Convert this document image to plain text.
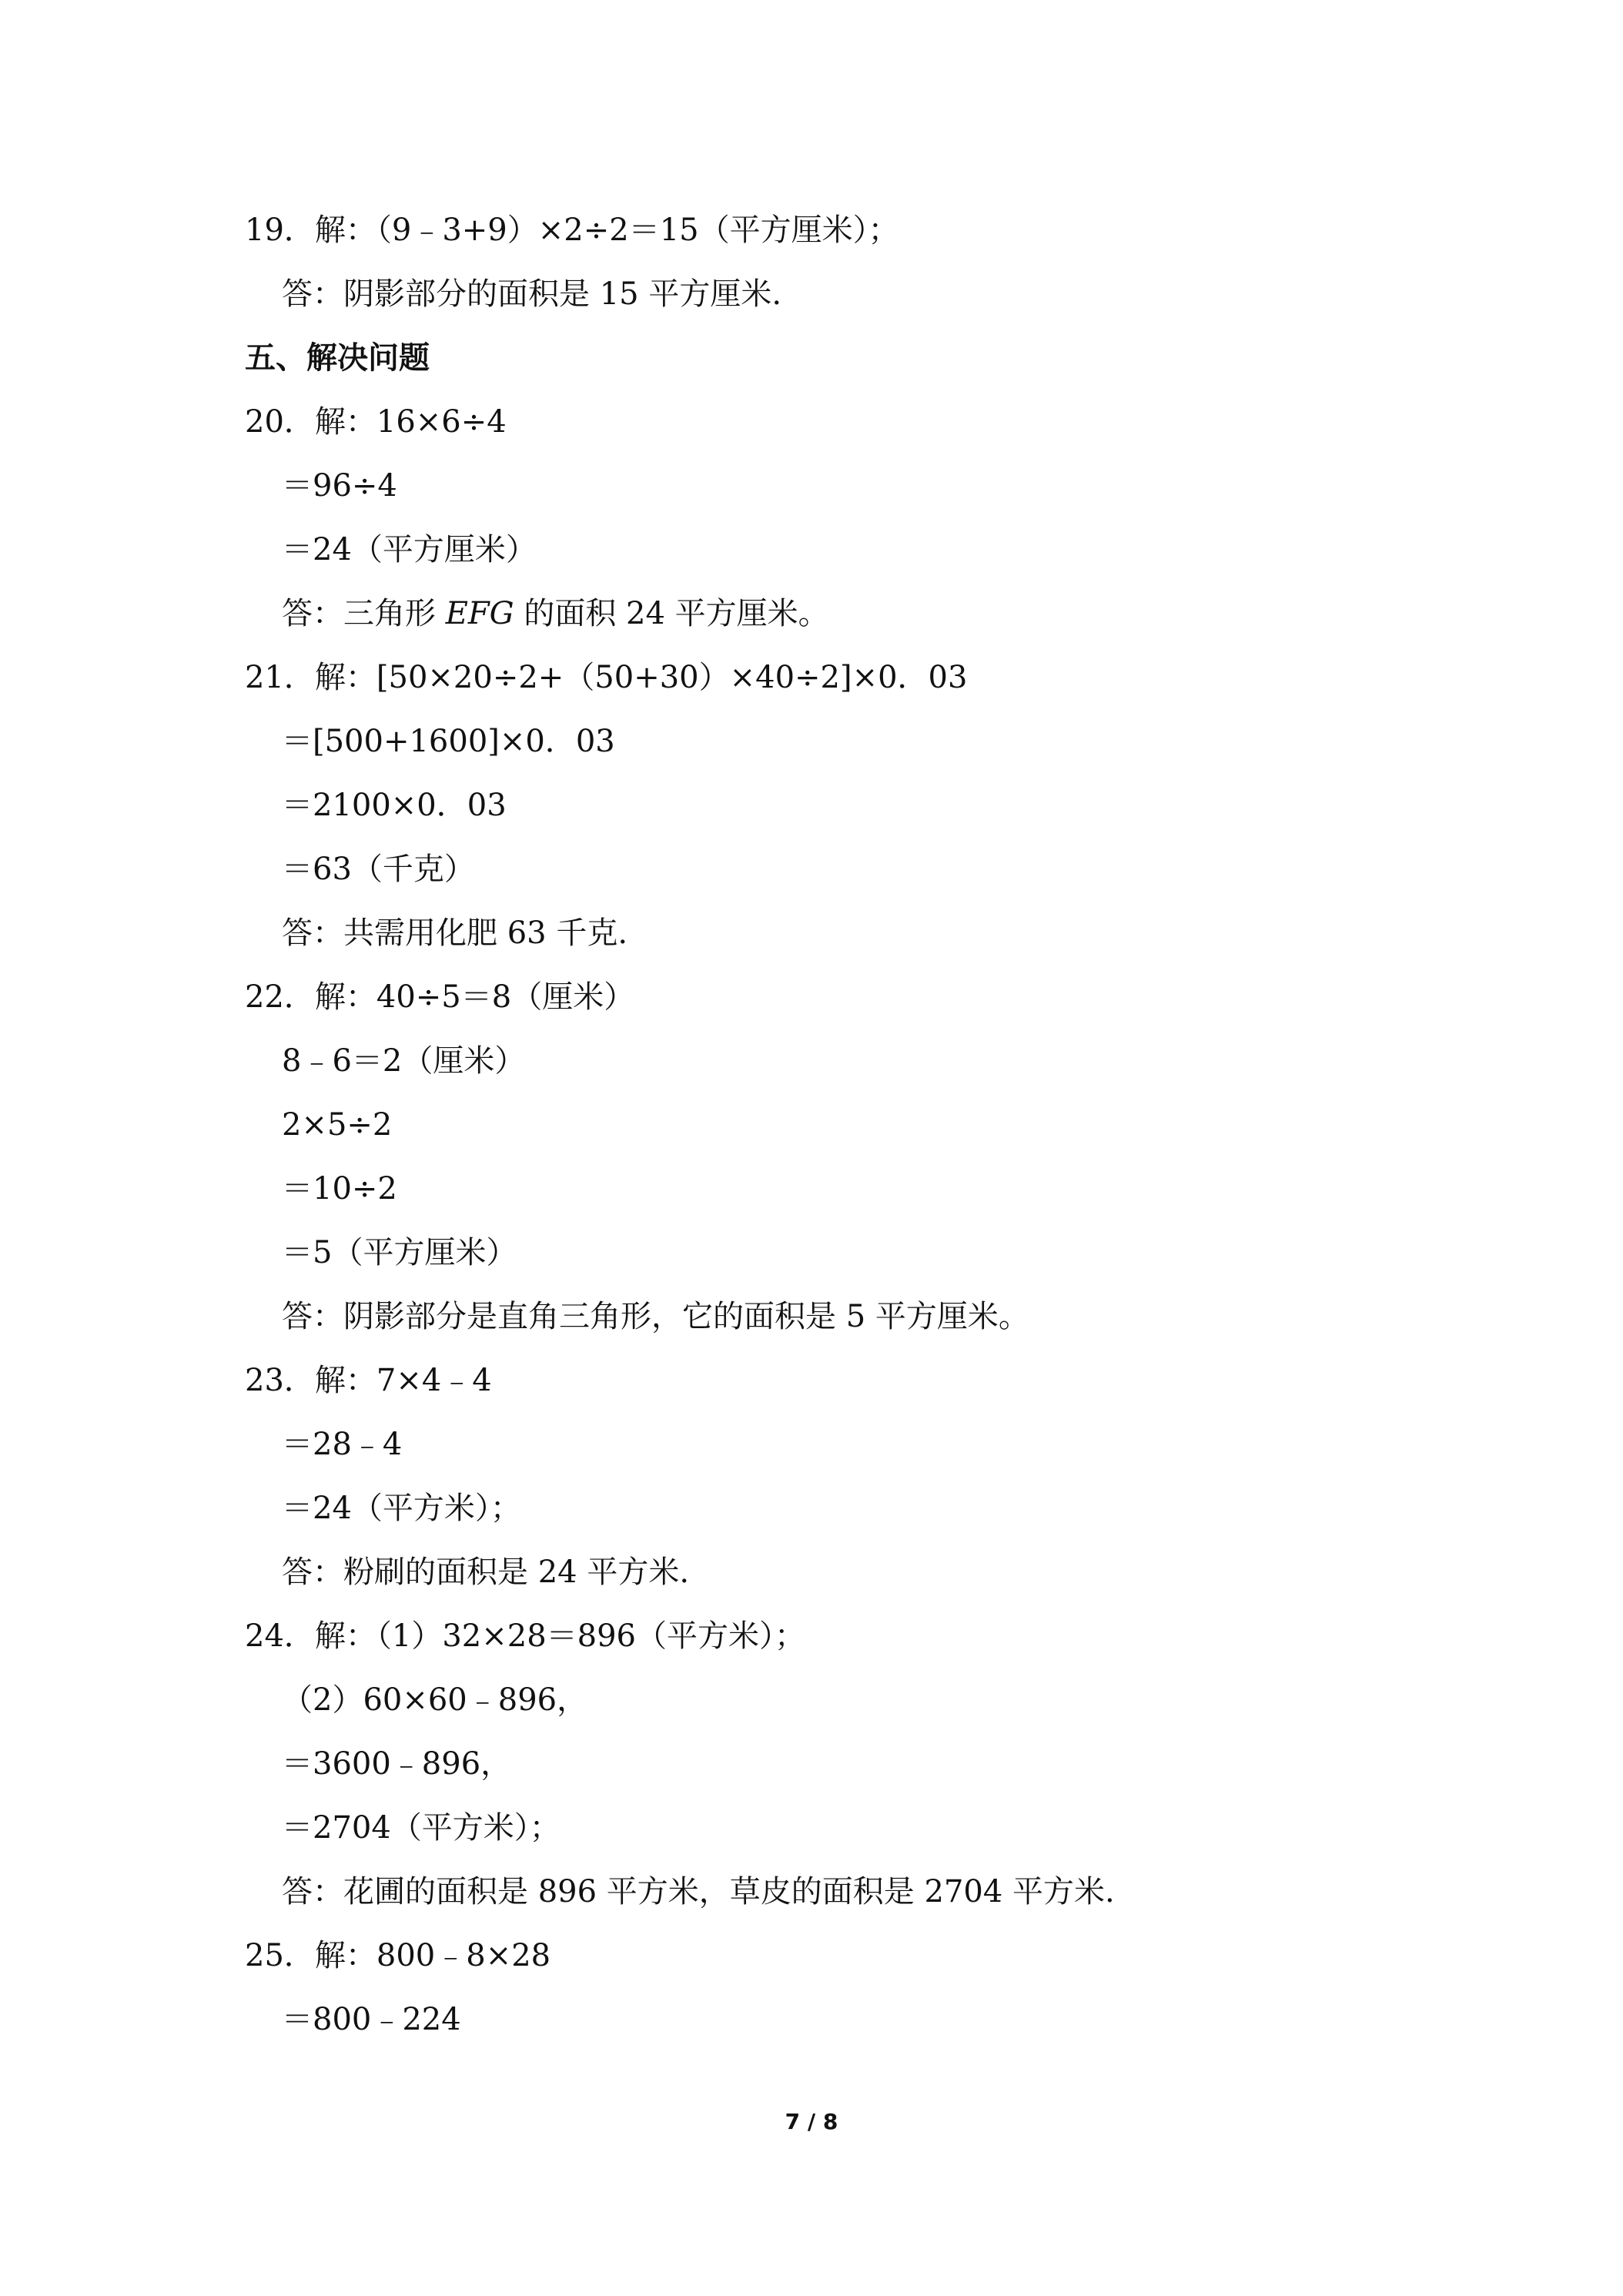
19．解：（9﹣3+9）×2÷2＝15（平方厘米）；
答：阴影部分的面积是 15 平方厘米.
五、解决问题
20．解：16×6÷4
＝96÷4
＝24（平方厘米）
答：三角形 EFG 的面积 24 平方厘米。
21．解：[50×20÷2+（50+30）×40÷2]×0．03
＝[500+1600]×0．03
＝2100×0．03
＝63（千克）
答：共需用化肥 63 千克.
22．解：40÷5＝8（厘米）
8﹣6＝2（厘米）
2×5÷2
＝10÷2
＝5（平方厘米）
答：阴影部分是直角三角形，它的面积是 5 平方厘米。
23．解：7×4﹣4
＝28﹣4
＝24（平方米）；
答：粉刷的面积是 24 平方米.
24．解：（1）32×28＝896（平方米）；
（2）60×60﹣896，
＝3600﹣896，
＝2704（平方米）；
答：花圃的面积是 896 平方米，草皮的面积是 2704 平方米.
25．解：800﹣8×28
＝800﹣224
7 / 8
